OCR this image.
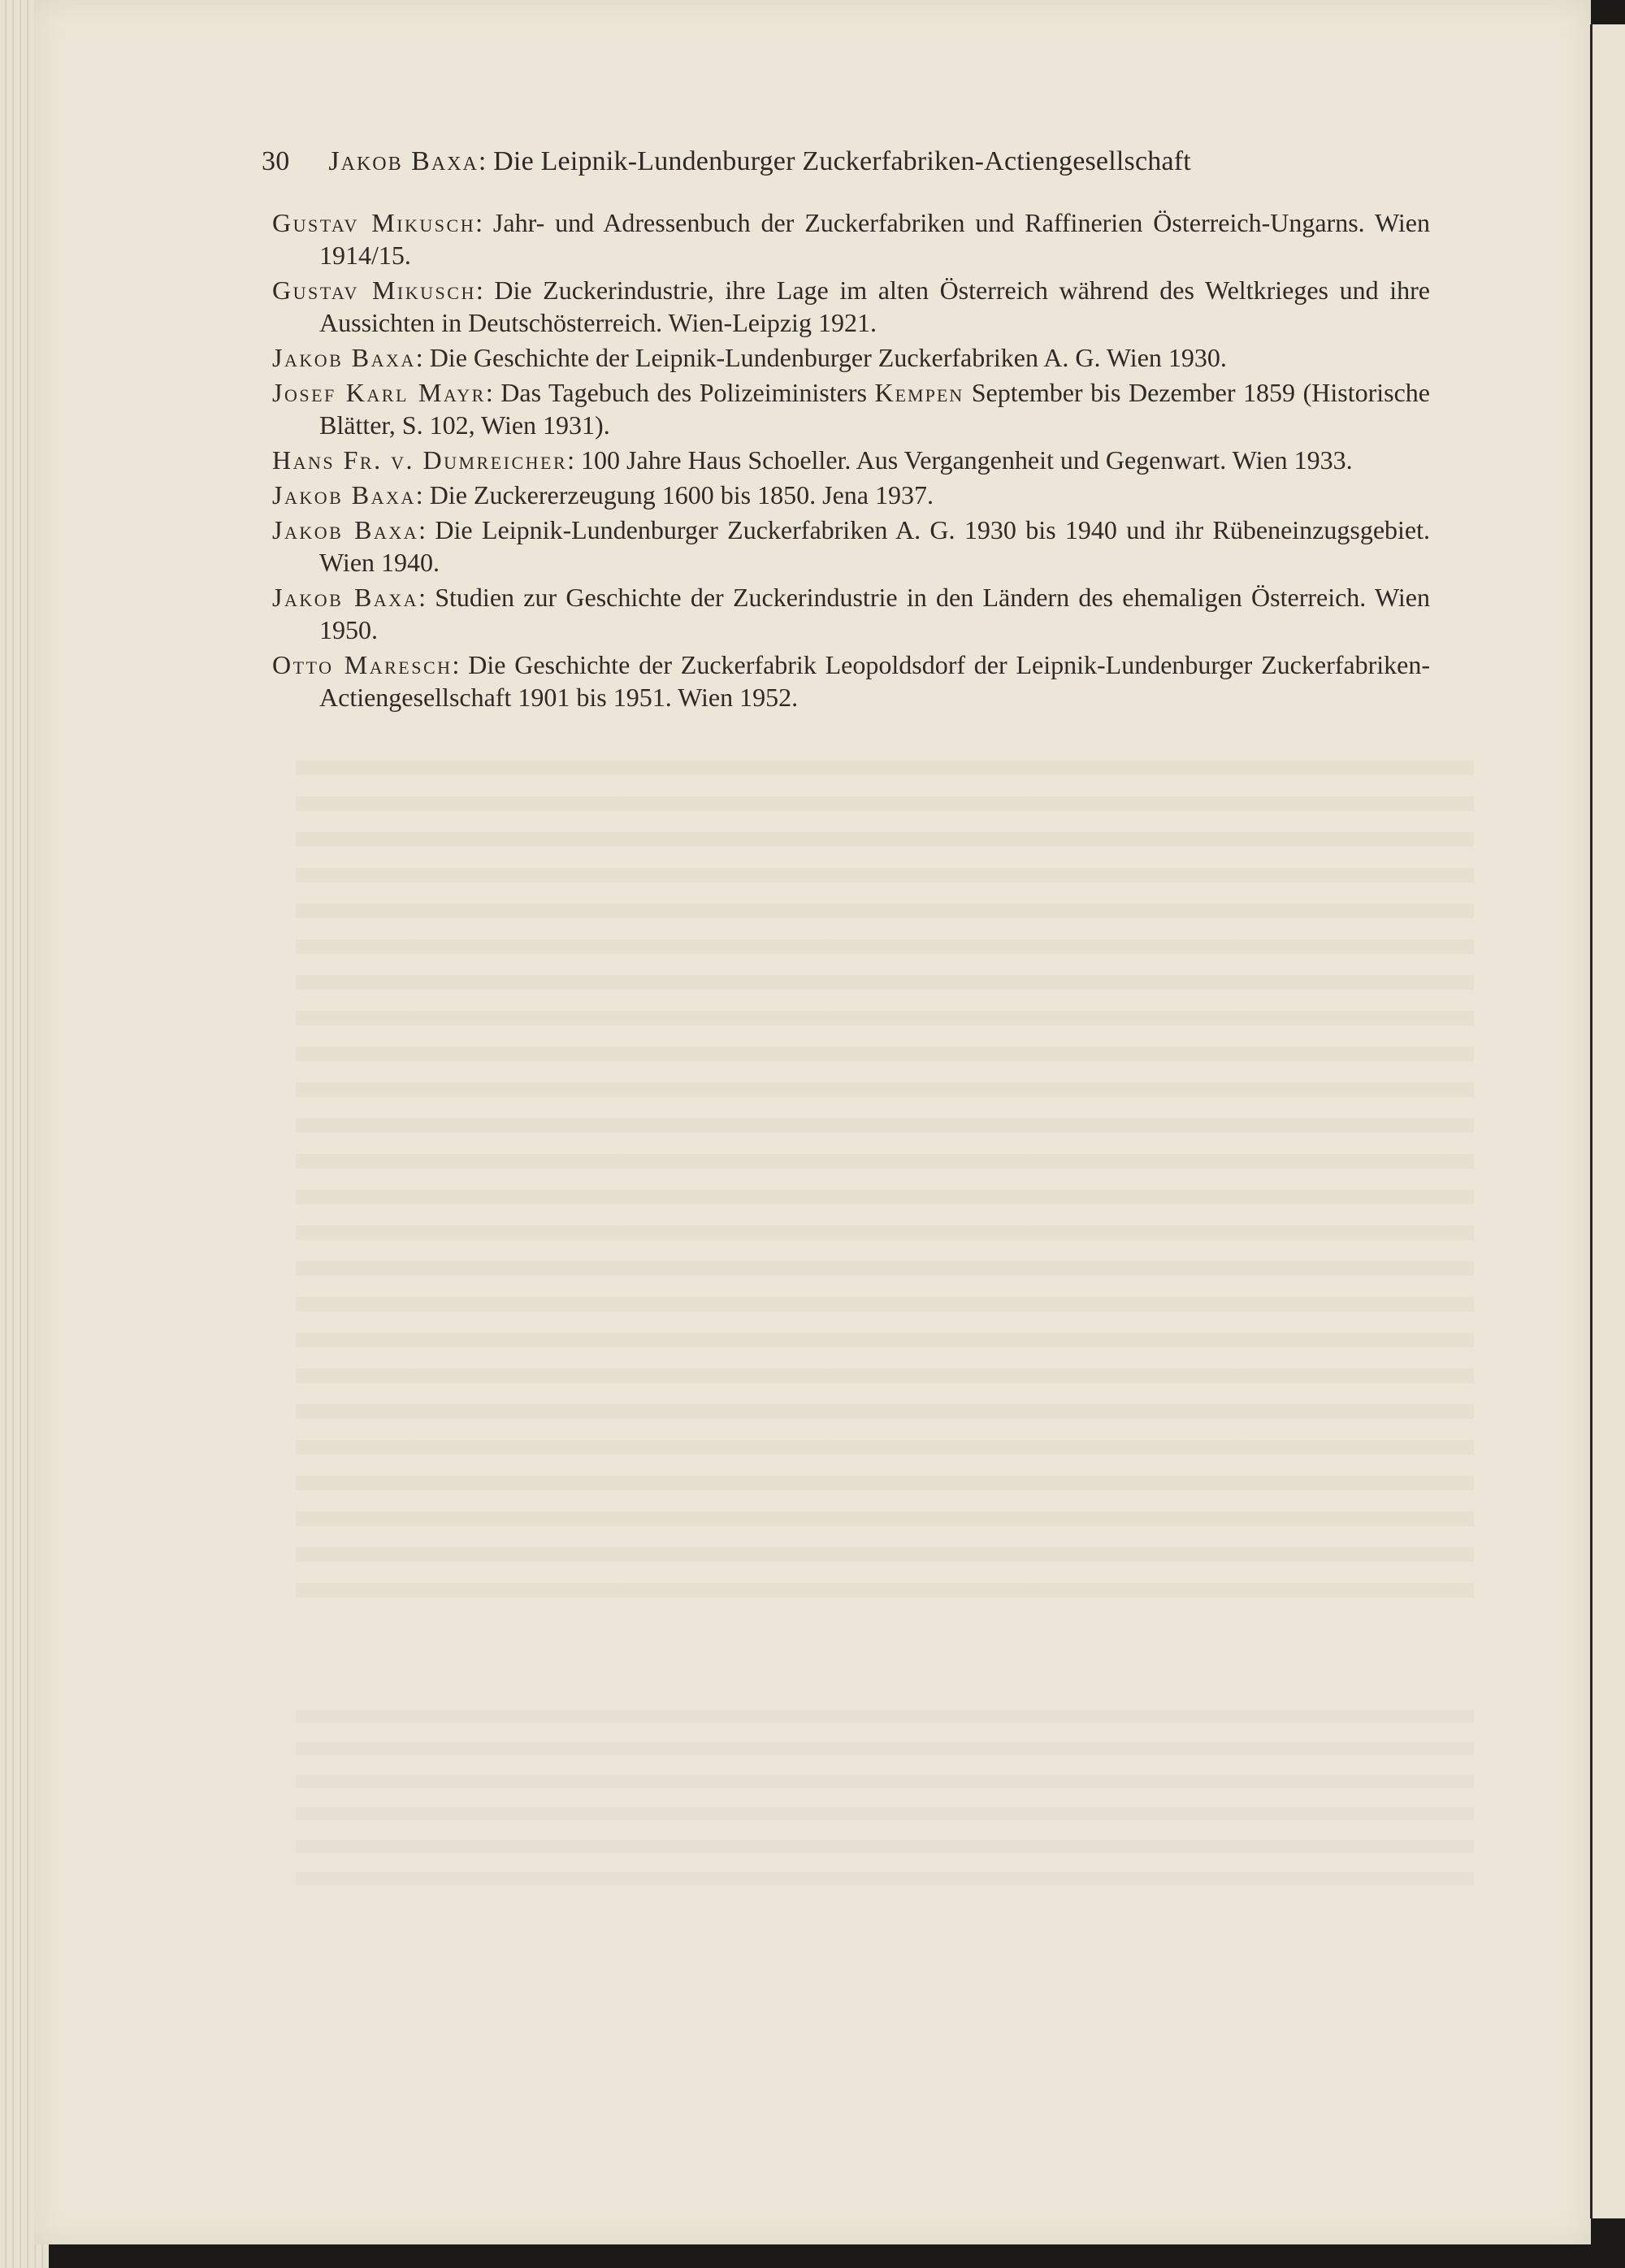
30 Jakob Baxa: Die Leipnik-Lundenburger Zuckerfabriken-Actiengesellschaft
Gustav Mikusch: Jahr- und Adressenbuch der Zuckerfabriken und Raffinerien Österreich-Ungarns. Wien 1914/15.
Gustav Mikusch: Die Zuckerindustrie, ihre Lage im alten Österreich während des Weltkrieges und ihre Aussichten in Deutschösterreich. Wien-Leipzig 1921.
Jakob Baxa: Die Geschichte der Leipnik-Lundenburger Zuckerfabriken A. G. Wien 1930.
Josef Karl Mayr: Das Tagebuch des Polizeiministers Kempen September bis Dezember 1859 (Historische Blätter, S. 102, Wien 1931).
Hans Fr. v. Dumreicher: 100 Jahre Haus Schoeller. Aus Vergangenheit und Gegenwart. Wien 1933.
Jakob Baxa: Die Zuckererzeugung 1600 bis 1850. Jena 1937.
Jakob Baxa: Die Leipnik-Lundenburger Zuckerfabriken A. G. 1930 bis 1940 und ihr Rübeneinzugsgebiet. Wien 1940.
Jakob Baxa: Studien zur Geschichte der Zuckerindustrie in den Ländern des ehemaligen Österreich. Wien 1950.
Otto Maresch: Die Geschichte der Zuckerfabrik Leopoldsdorf der Leipnik-Lundenburger Zuckerfabriken-Actiengesellschaft 1901 bis 1951. Wien 1952.
